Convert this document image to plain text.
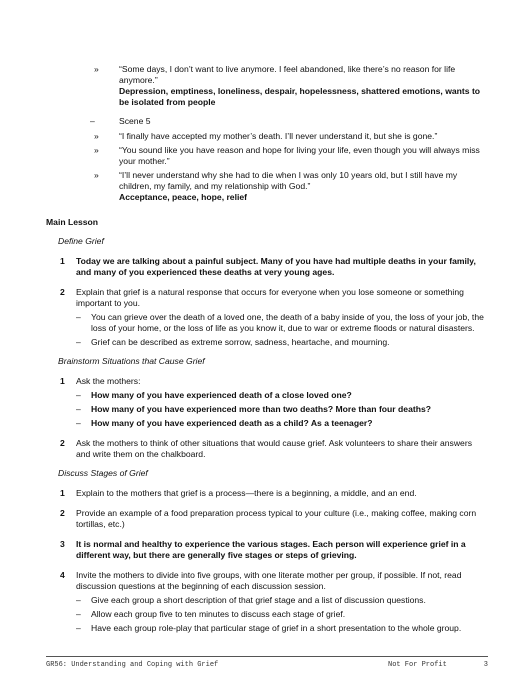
» “Some days, I don’t want to live anymore. I feel abandoned, like there’s no reason for life anymore.”
Depression, emptiness, loneliness, despair, hopelessness, shattered emotions, wants to be isolated from people
–	Scene 5
» “I finally have accepted my mother’s death. I’ll never understand it, but she is gone.”
» “You sound like you have reason and hope for living your life, even though you will always miss your mother.”
» “I’ll never understand why she had to die when I was only 10 years old, but I still have my children, my family, and my relationship with God.”
Acceptance, peace, hope, relief
Main Lesson
Define Grief
1 Today we are talking about a painful subject. Many of you have had multiple deaths in your family, and many of you experienced these deaths at very young ages.
2 Explain that grief is a natural response that occurs for everyone when you lose someone or something important to you.
– You can grieve over the death of a loved one, the death of a baby inside of you, the loss of your job, the loss of your home, or the loss of life as you know it, due to war or extreme floods or natural disasters.
– Grief can be described as extreme sorrow, sadness, heartache, and mourning.
Brainstorm Situations that Cause Grief
1 Ask the mothers:
– How many of you have experienced death of a close loved one?
– How many of you have experienced more than two deaths? More than four deaths?
– How many of you have experienced death as a child? As a teenager?
2 Ask the mothers to think of other situations that would cause grief. Ask volunteers to share their answers and write them on the chalkboard.
Discuss Stages of Grief
1 Explain to the mothers that grief is a process—there is a beginning, a middle, and an end.
2 Provide an example of a food preparation process typical to your culture (i.e., making coffee, making corn tortillas, etc.)
3 It is normal and healthy to experience the various stages. Each person will experience grief in a different way, but there are generally five stages or steps of grieving.
4 Invite the mothers to divide into five groups, with one literate mother per group, if possible. If not, read discussion questions at the beginning of each discussion session.
– Give each group a short description of that grief stage and a list of discussion questions.
– Allow each group five to ten minutes to discuss each stage of grief.
– Have each group role-play that particular stage of grief in a short presentation to the whole group.
GR56: Understanding and Coping with Grief	Not For Profit	3
